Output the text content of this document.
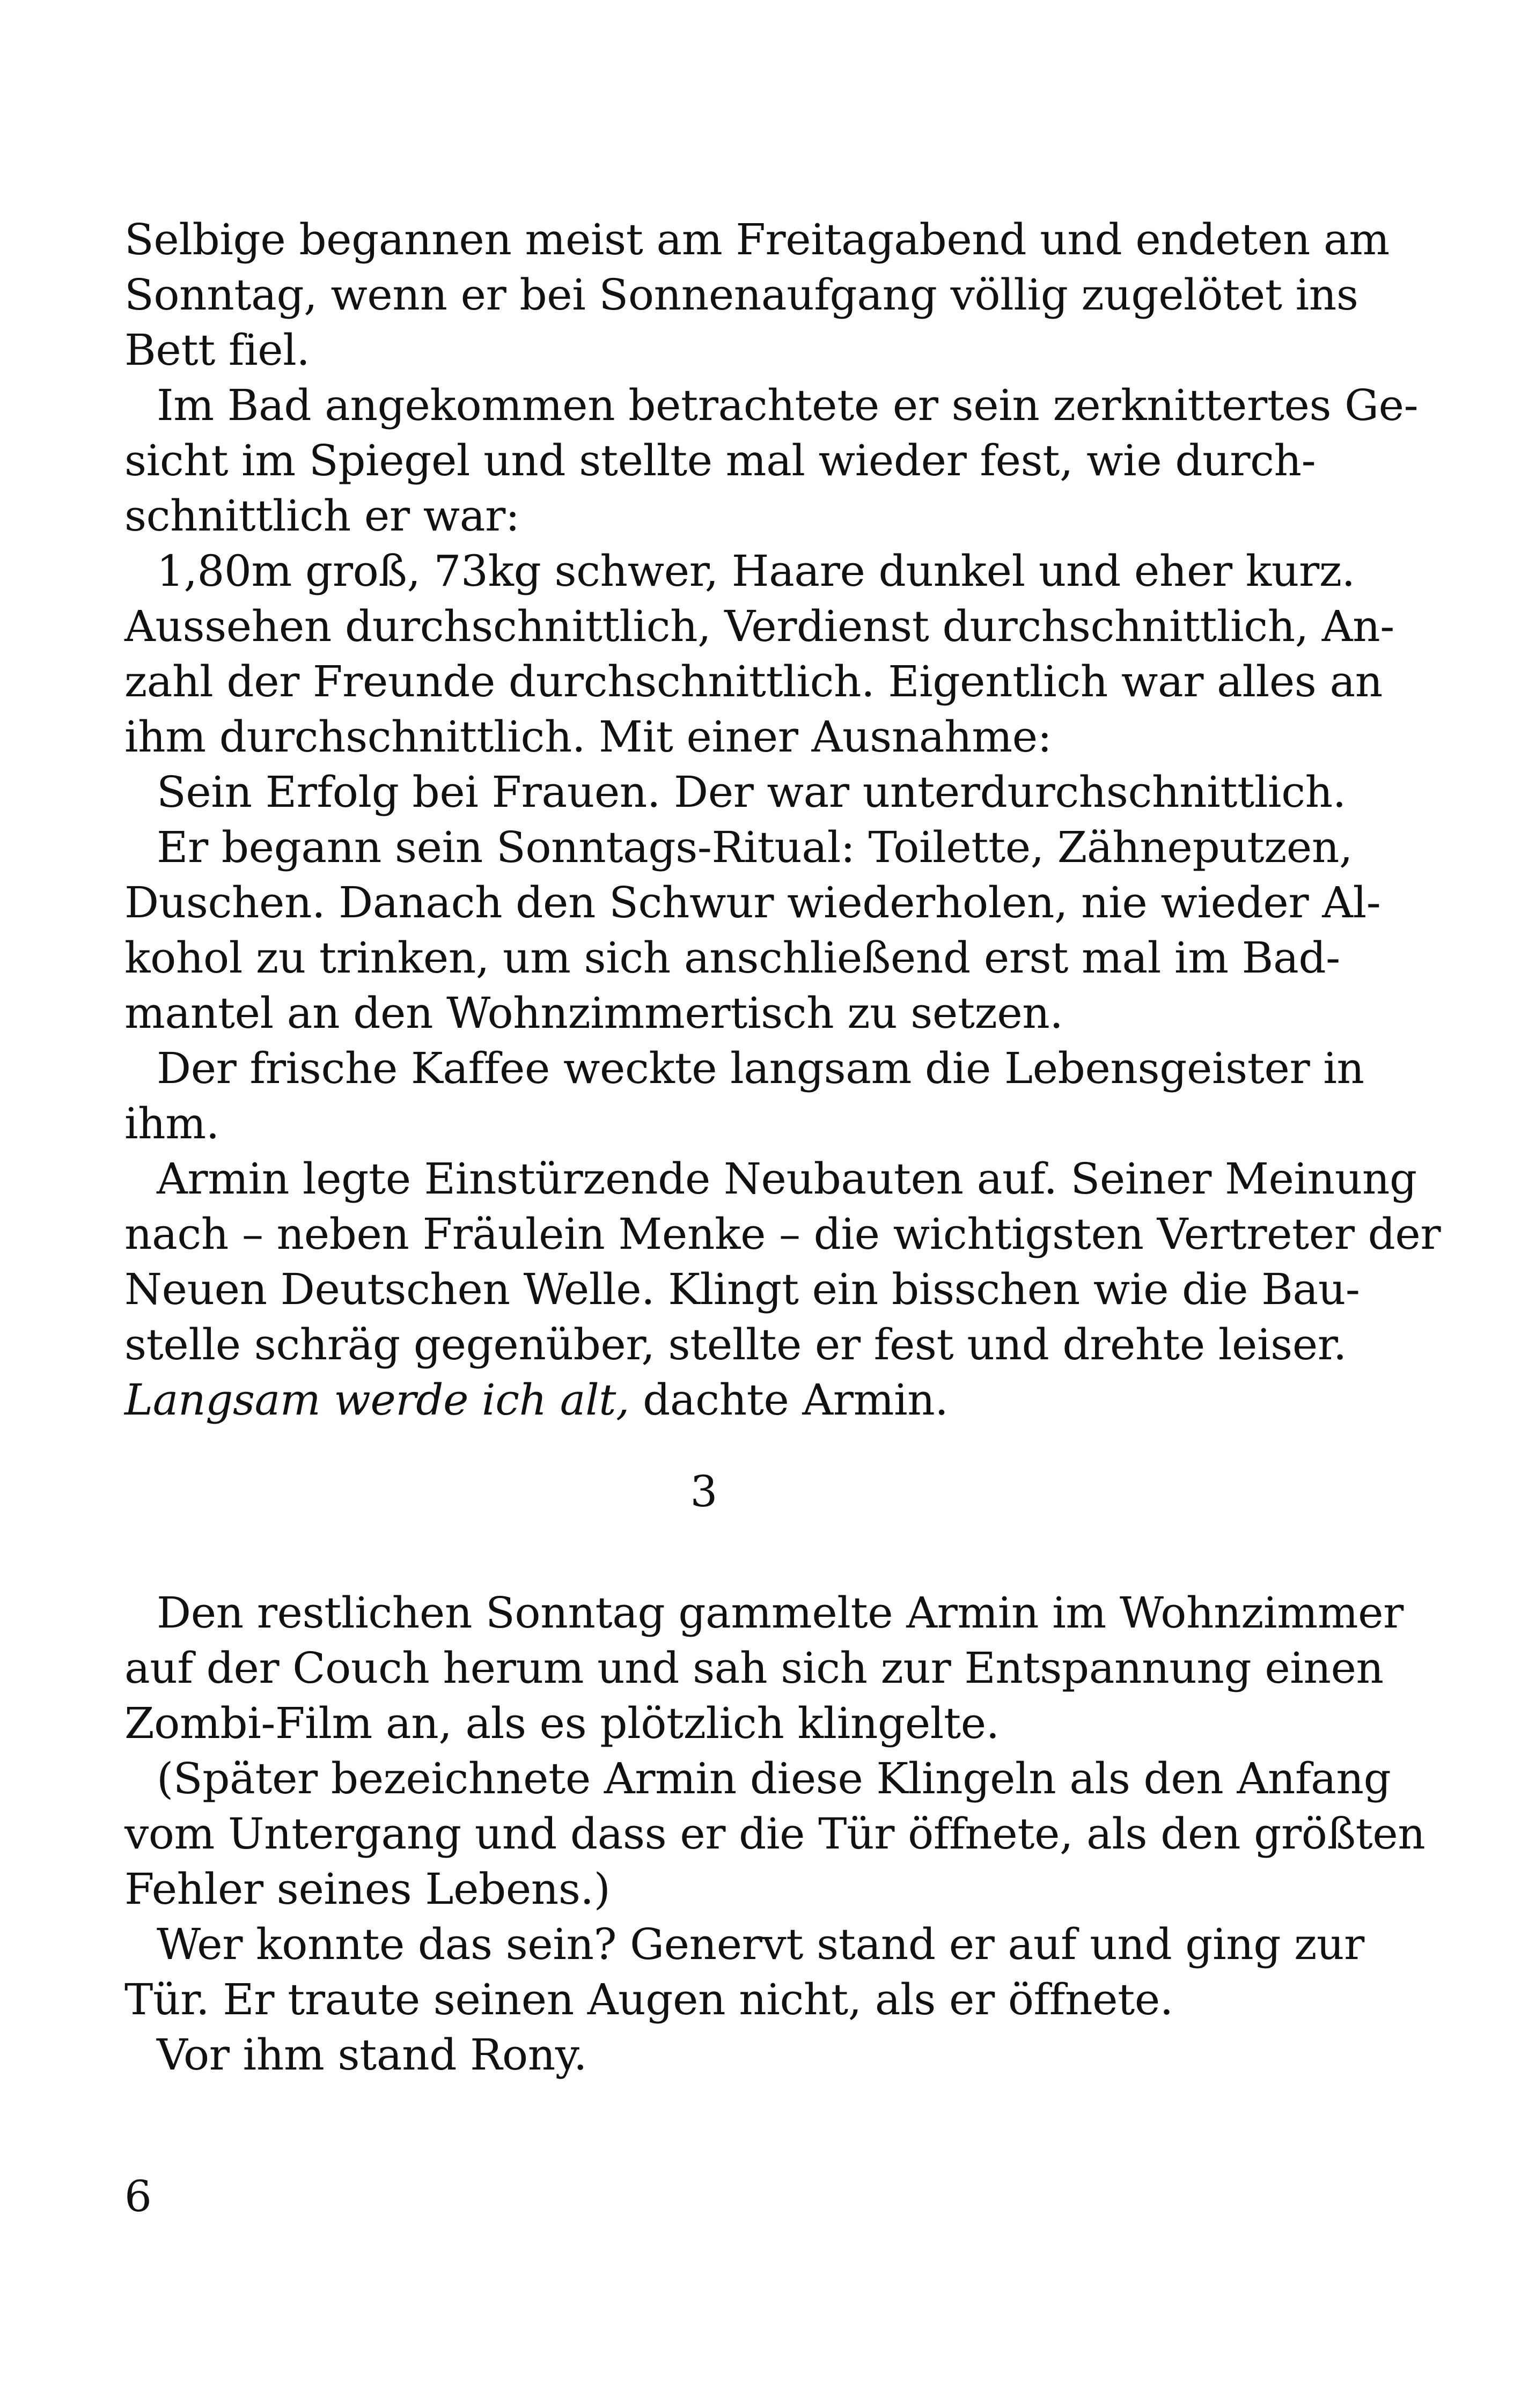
Selbige begannen meist am Freitagabend und endeten am
Sonntag, wenn er bei Sonnenaufgang völlig zugelötet ins
Bett fiel.
Im Bad angekommen betrachtete er sein zerknittertes Ge-
sicht im Spiegel und stellte mal wieder fest, wie durch-
schnittlich er war:
1,80m groß, 73kg schwer, Haare dunkel und eher kurz.
Aussehen durchschnittlich, Verdienst durchschnittlich, An-
zahl der Freunde durchschnittlich. Eigentlich war alles an
ihm durchschnittlich. Mit einer Ausnahme:
Sein Erfolg bei Frauen. Der war unterdurchschnittlich.
Er begann sein Sonntags-Ritual: Toilette, Zähneputzen,
Duschen. Danach den Schwur wiederholen, nie wieder Al-
kohol zu trinken, um sich anschließend erst mal im Bad-
mantel an den Wohnzimmertisch zu setzen.
Der frische Kaffee weckte langsam die Lebensgeister in
ihm.
Armin legte Einstürzende Neubauten auf. Seiner Meinung
nach – neben Fräulein Menke – die wichtigsten Vertreter der
Neuen Deutschen Welle. Klingt ein bisschen wie die Bau-
stelle schräg gegenüber, stellte er fest und drehte leiser.
Langsam werde ich alt, dachte Armin.
3
Den restlichen Sonntag gammelte Armin im Wohnzimmer
auf der Couch herum und sah sich zur Entspannung einen
Zombi-Film an, als es plötzlich klingelte.
(Später bezeichnete Armin diese Klingeln als den Anfang
vom Untergang und dass er die Tür öffnete, als den größten
Fehler seines Lebens.)
Wer konnte das sein? Genervt stand er auf und ging zur
Tür. Er traute seinen Augen nicht, als er öffnete.
Vor ihm stand Rony.
6
